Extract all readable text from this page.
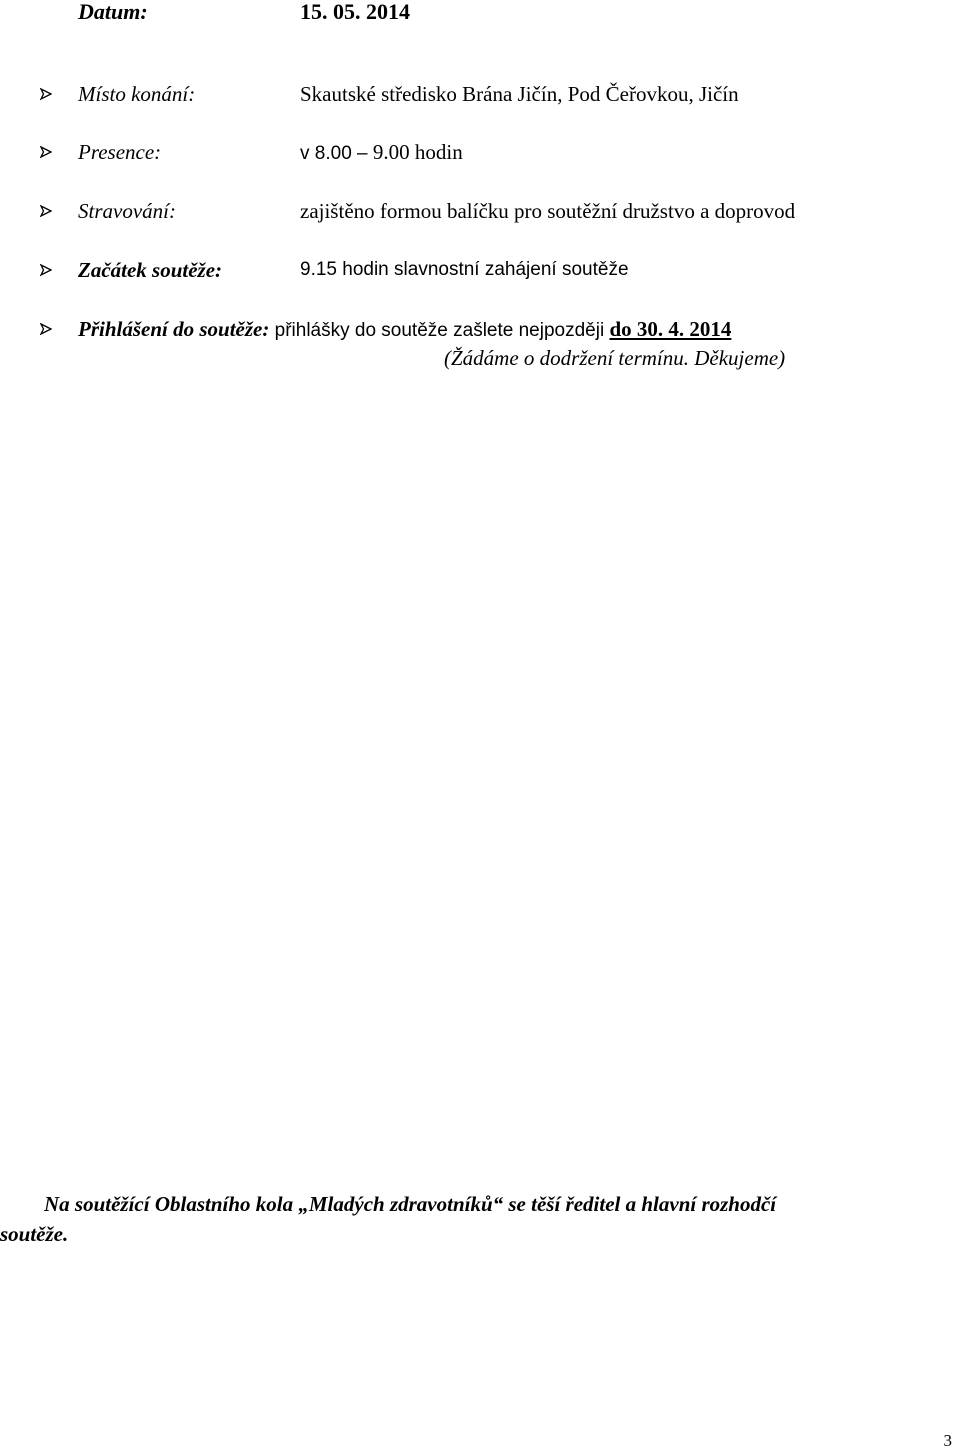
Datum:	15. 05. 2014
Místo konání:	Skautské středisko Brána Jičín, Pod Čeřovkou, Jičín
Presence:	v 8.00 – 9.00 hodin
Stravování:	zajištěno formou balíčku pro soutěžní družstvo a doprovod
Začátek soutěže:	9.15 hodin slavnostní zahájení soutěže
Přihlášení do soutěže: přihlášky do soutěže zašlete nejpozději do 30. 4. 2014
(Žádáme o dodržení termínu. Děkujeme)
Na soutěžící Oblastního kola „Mladých zdravotníků“ se těší ředitel a hlavní rozhodčí
soutěže.
3
